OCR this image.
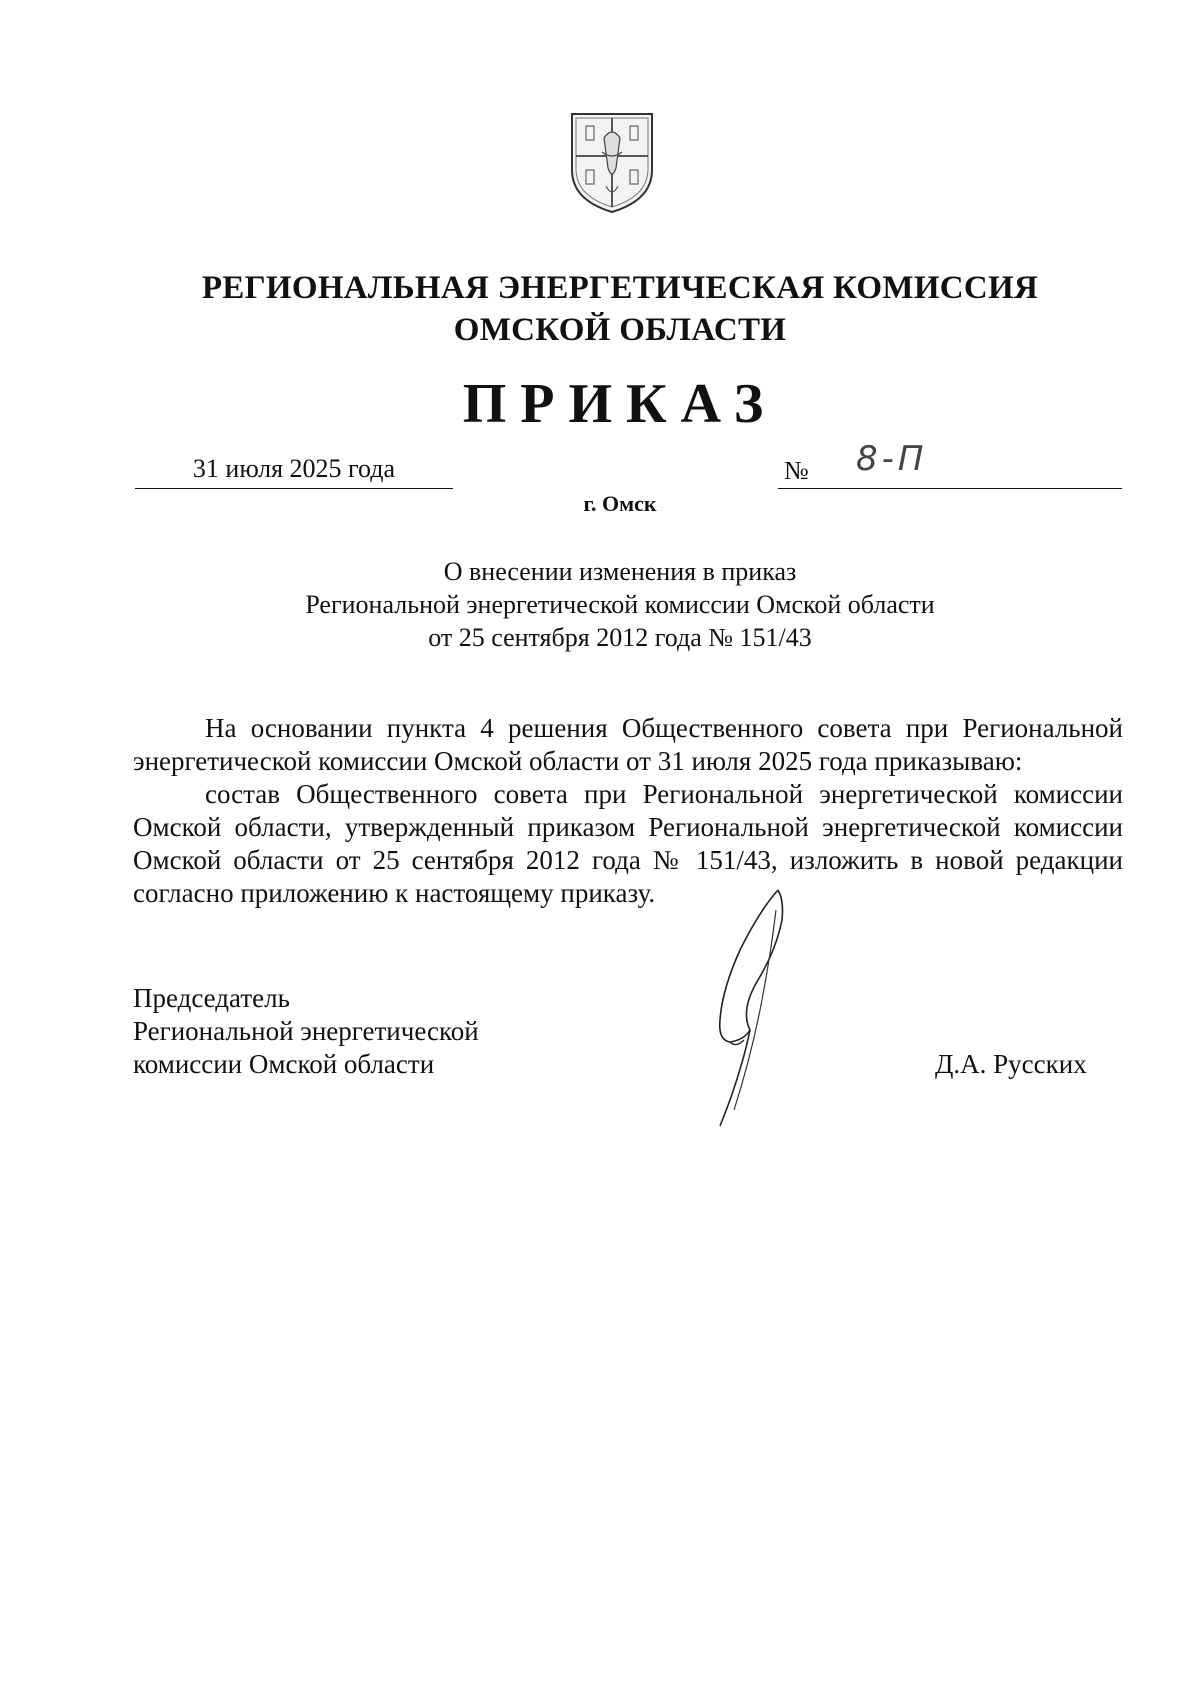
РЕГИОНАЛЬНАЯ ЭНЕРГЕТИЧЕСКАЯ КОМИССИЯ
ОМСКОЙ ОБЛАСТИ
ПРИКАЗ
31 июля 2025 года	№ 8-П
г. Омск
О внесении изменения в приказ
Региональной энергетической комиссии Омской области
от 25 сентября 2012 года № 151/43

На основании пункта 4 решения Общественного совета при Региональной энергетической комиссии Омской области от 31 июля 2025 года приказываю:

состав Общественного совета при Региональной энергетической комиссии Омской области, утвержденный приказом Региональной энергетической комиссии Омской области от 25 сентября 2012 года № 151/43, изложить в новой редакции согласно приложению к настоящему приказу.

Председатель
Региональной энергетической
комиссии Омской области	Д.А. Русских
